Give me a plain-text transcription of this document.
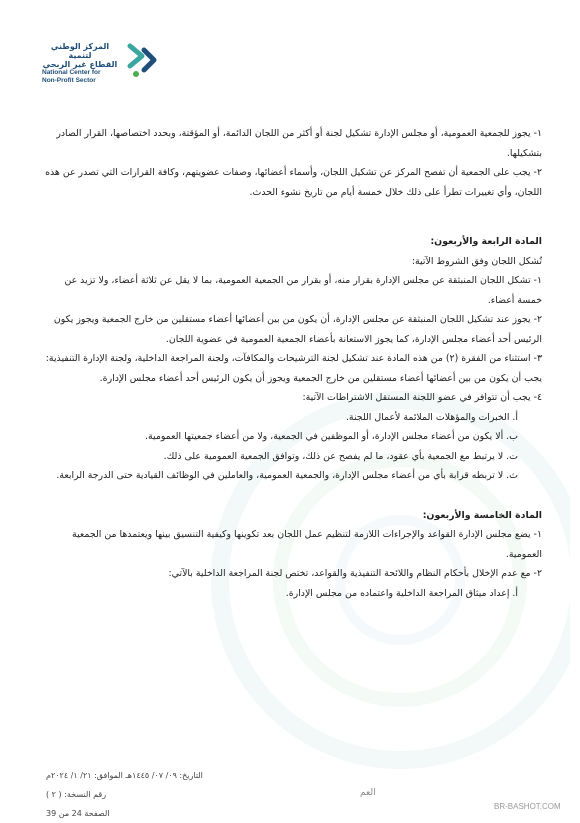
المركز الوطني لتنمية
القطاع غير الربحي
National Center for
Non-Profit Sector

١- يجوز للجمعية العمومية، أو مجلس الإدارة تشكيل لجنة أو أكثر من اللجان الدائمة، أو المؤقتة، وبحدد اختصاصها، القرار الصادر بتشكيلها.

٢- يجب على الجمعية أن تفصح المركز عن تشكيل اللجان، وأسماء أعضائها، وصفات عضويتهم، وكافة القرارات التي تصدر عن هذه اللجان، وأي تغييرات تطرأ على ذلك خلال خمسة أيام من تاريخ نشوء الحدث.

المادة الرابعة والأربعون:

تُشكل اللجان وفق الشروط الآتية:

١- تشكل اللجان المنبثقة عن مجلس الإدارة بقرار منه، أو بقرار من الجمعية العمومية، بما لا يقل عن ثلاثة أعضاء، ولا تزيد عن خمسة أعضاء.

٢- يجوز عند تشكيل اللجان المنبثقة عن مجلس الإدارة، أن يكون من بين أعضائها أعضاء مستقلين من خارج الجمعية ويجوز يكون الرئيس أحد أعضاء مجلس الإدارة، كما يجوز الاستعانة بأعضاء الجمعية العمومية في عضوية اللجان.

٣- استثناء من الفقرة (٢) من هذه المادة عند تشكيل لجنة الترشيحات والمكافآت، ولجنة المراجعة الداخلية، ولجنة الإدارة التنفيذية: يجب أن يكون من بين أعضائها أعضاء مستقلين من خارج الجمعية ويجوز أن يكون الرئيس أحد أعضاء مجلس الإدارة.

٤- يجب أن تتوافر في عضو اللجنة المستقل الاشتراطات الآتية:

أ. الخبرات والمؤهلات الملائمة لأعمال اللجنة.

ب. ألا يكون من أعضاء مجلس الإدارة، أو الموظفين في الجمعية، ولا من أعضاء جمعيتها العمومية.

ت. لا يرتبط مع الجمعية بأي عقود، ما لم يفصح عن ذلك، وتوافق الجمعية العمومية على ذلك.

ث. لا تربطه قرابة بأي من أعضاء مجلس الإدارة، والجمعية العمومية، والعاملين في الوظائف القيادية حتى الدرجة الرابعة.

المادة الخامسة والأربعون:

١- يضع مجلس الإدارة القواعد والإجراءات اللازمة لتنظيم عمل اللجان بعد تكوينها وكيفية التنسيق بينها ويعتمدها من الجمعية العمومية.

٢- مع عدم الإخلال بأحكام النظام واللائحة التنفيذية والقواعد، تختص لجنة المراجعة الداخلية بالآتي:

أ. إعداد ميثاق المراجعة الداخلية واعتماده من مجلس الإدارة.

التاريخ: ٠٩/ ٠٧/ ١٤٤٥هـ الموافق: ٢١/ ١/ ٢٠٢٤م
رقم النسخة: ( ٢ )
الصفحة 24 من 39
العم
BR-BASHOT.COM
